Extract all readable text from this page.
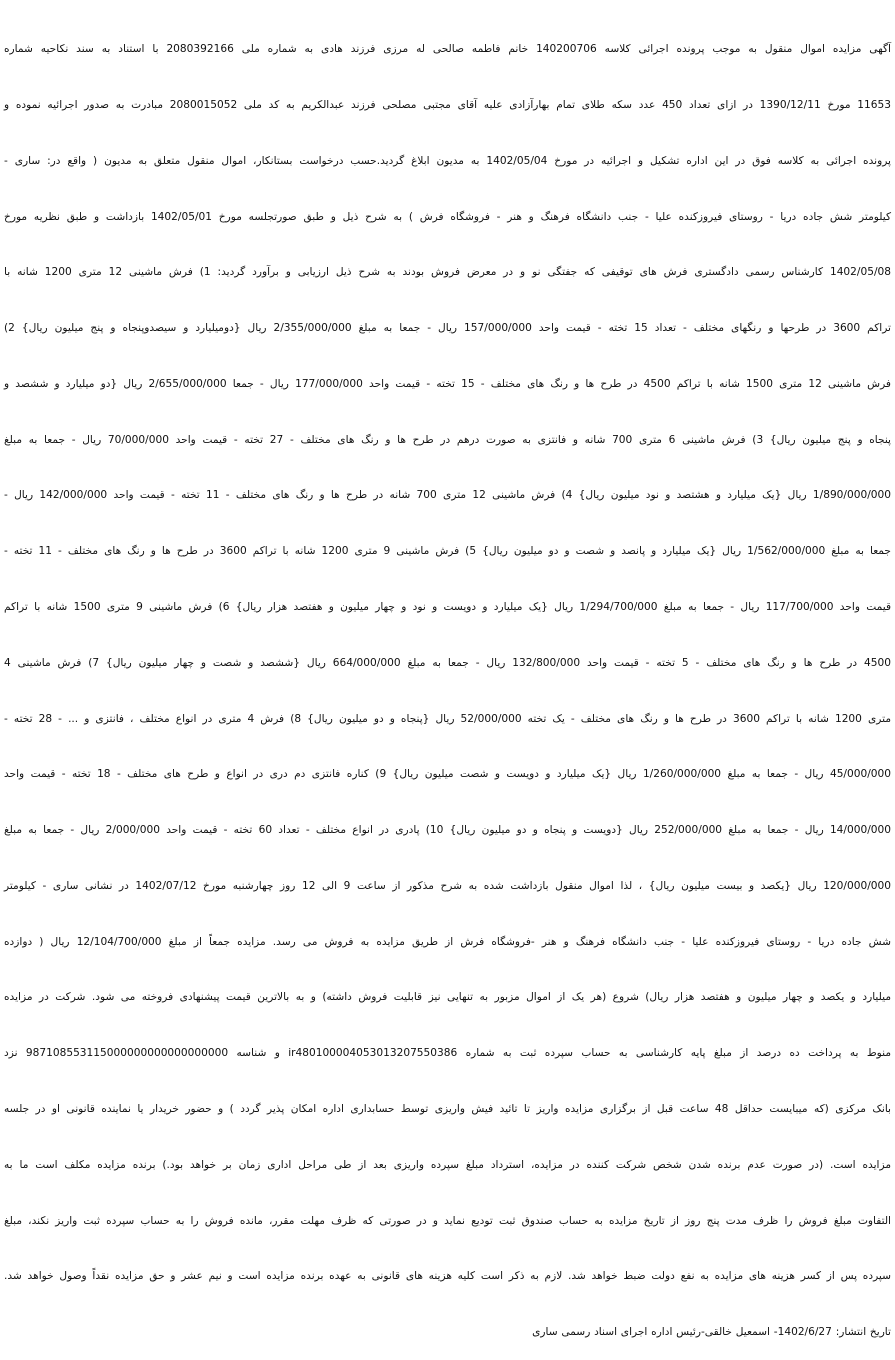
آگهی مزایده اموال منقول به موجب پرونده اجرائی کلاسه 140200706 خانم فاطمه صالحی له مرزی فرزند هادی به شماره ملی 2080392166 با استناد به سند نکاحیه شماره

11653 مورخ 1390/12/11 در ازای تعداد 450 عدد سکه طلای تمام بهارآزادی علیه آقای مجتبی مصلحی فرزند عبدالکریم به کد ملی 2080015052 مبادرت به صدور اجرائیه نموده و

پرونده اجرائی به کلاسه فوق در این اداره تشکیل و اجرائیه در مورخ 1402/05/04 به مدیون ابلاغ گردید.حسب درخواست بستانکار، اموال منقول متعلق به مدیون ( واقع در: ساری -

کیلومتر شش جاده دریا - روستای فیروزکنده علیا - جنب دانشگاه فرهنگ و هنر - فروشگاه فرش ) به شرح ذیل و طبق صورتجلسه مورخ 1402/05/01 بازداشت و طبق نظریه مورخ

1402/05/08 کارشناس رسمی دادگستری فرش های توقیفی که جفتگی نو و در معرض فروش بودند به شرح ذیل ارزیابی و برآورد گردید: 1) فرش ماشینی 12 متری 1200 شانه با

تراکم 3600 در طرحها و رنگهای مختلف - تعداد 15 تخته - قیمت واحد 157/000/000 ریال - جمعا به مبلغ 2/355/000/000 ریال {دومیلیارد و سیصدوپنجاه و پنج میلیون ریال} 2)

فرش ماشینی 12 متری 1500 شانه با تراکم 4500 در طرح ها و رنگ های مختلف - 15 تخته - قیمت واحد 177/000/000 ریال - جمعا 2/655/000/000 ریال {دو میلیارد و ششصد و

پنجاه و پنج میلیون ریال} 3) فرش ماشینی 6 متری 700 شانه و فانتزی به صورت درهم در طرح ها و رنگ های مختلف - 27 تخته - قیمت واحد 70/000/000 ریال - جمعا به مبلغ

1/890/000/000 ریال {یک میلیارد و هشتصد و نود میلیون ریال} 4) فرش ماشینی 12 متری 700 شانه در طرح ها و رنگ های مختلف - 11 تخته - قیمت واحد 142/000/000 ریال -

جمعا به مبلغ 1/562/000/000 ریال {یک میلیارد و پانصد و شصت و دو میلیون ریال} 5) فرش ماشینی 9 متری 1200 شانه با تراکم 3600 در طرح ها و رنگ های مختلف - 11 تخته -

قیمت واحد 117/700/000 ریال - جمعا به مبلغ 1/294/700/000 ریال {یک میلیارد و دویست و نود و چهار میلیون و هفتصد هزار ریال} 6) فرش ماشینی 9 متری 1500 شانه با تراکم

4500 در طرح ها و رنگ های مختلف - 5 تخته - قیمت واحد 132/800/000 ریال - جمعا به مبلغ 664/000/000 ریال {ششصد و شصت و چهار میلیون ریال} 7) فرش ماشینی 4

متری 1200 شانه با تراکم 3600 در طرح ها و رنگ های مختلف - یک تخته 52/000/000 ریال {پنجاه و دو میلیون ریال} 8) فرش 4 متری در انواع مختلف ، فانتزی و ... - 28 تخته -

45/000/000 ریال - جمعا به مبلغ 1/260/000/000 ریال {یک میلیارد و دویست و شصت میلیون ریال} 9) کناره فانتزی دم دری در انواع و طرح های مختلف - 18 تخته - قیمت واحد

14/000/000 ریال - جمعا به مبلغ 252/000/000 ریال {دویست و پنجاه و دو میلیون ریال} 10) پادری در انواع مختلف - تعداد 60 تخته - قیمت واحد 2/000/000 ریال - جمعا به مبلغ

120/000/000 ریال {یکصد و بیست میلیون ریال} ، لذا اموال منقول بازداشت شده به شرح مذکور از ساعت 9 الی 12 روز چهارشنبه مورخ 1402/07/12 در نشانی ساری - کیلومتر

شش جاده دریا - روستای فیروزکنده علیا - جنب دانشگاه فرهنگ و هنر -فروشگاه فرش از طریق مزایده به فروش می رسد. مزایده جمعاً از مبلغ 12/104/700/000 ریال ( دوازده

میلیارد و یکصد و چهار میلیون و هفتصد هزار ریال) شروع (هر یک از اموال مزبور به تنهایی نیز قابلیت فروش داشته) و به بالاترین قیمت پیشنهادی فروخته می شود. شرکت در مزایده

منوط به پرداخت ده درصد از مبلغ پایه کارشناسی به حساب سپرده ثبت به شماره ir480100004053013207550386 و شناسه 987108553115000000000000000000 نزد

بانک مرکزی (که میبایست حداقل 48 ساعت قبل از برگزاری مزایده واریز تا تائید فیش واریزی توسط حسابداری اداره امکان پذیر گردد ) و حضور خریدار یا نماینده قانونی او در جلسه

مزایده است. (در صورت عدم برنده شدن شخص شرکت کننده در مزایده، استرداد مبلغ سپرده واریزی بعد از طی مراحل اداری زمان بر خواهد بود.) برنده مزایده مکلف است ما به

التفاوت مبلغ فروش را ظرف مدت پنج روز از تاریخ مزایده به حساب صندوق ثبت تودیع نماید و در صورتی که ظرف مهلت مقرر، مانده فروش را به حساب سپرده ثبت واریز نکند، مبلغ

سپرده پس از کسر هزینه های مزایده به نفع دولت ضبط خواهد شد. لازم به ذکر است کلیه هزینه های قانونی به عهده برنده مزایده است و نیم عشر و حق مزایده نقداً وصول خواهد شد.

تاریخ انتشار: 1402/6/27- اسمعیل خالقی-رئیس اداره اجرای اسناد رسمی ساری
